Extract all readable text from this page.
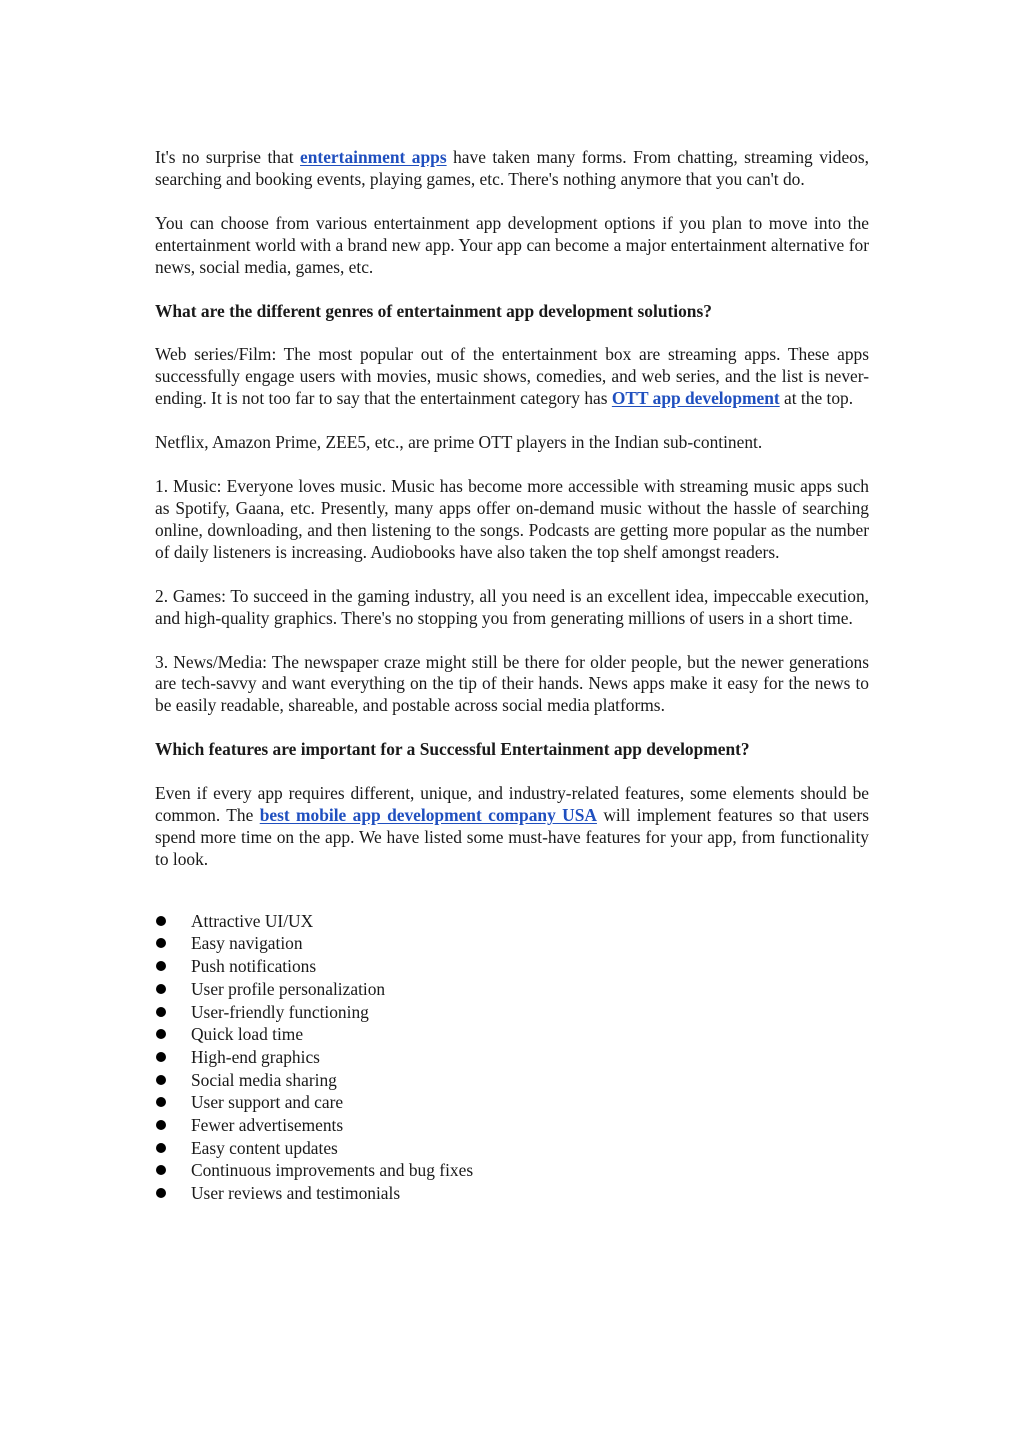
It's no surprise that entertainment apps have taken many forms. From chatting, streaming videos, searching and booking events, playing games, etc. There's nothing anymore that you can't do.

You can choose from various entertainment app development options if you plan to move into the entertainment world with a brand new app. Your app can become a major entertainment alternative for news, social media, games, etc.

What are the different genres of entertainment app development solutions?

Web series/Film: The most popular out of the entertainment box are streaming apps. These apps successfully engage users with movies, music shows, comedies, and web series, and the list is never-ending. It is not too far to say that the entertainment category has OTT app development at the top.

Netflix, Amazon Prime, ZEE5, etc., are prime OTT players in the Indian sub-continent.

1. Music: Everyone loves music. Music has become more accessible with streaming music apps such as Spotify, Gaana, etc. Presently, many apps offer on-demand music without the hassle of searching online, downloading, and then listening to the songs. Podcasts are getting more popular as the number of daily listeners is increasing. Audiobooks have also taken the top shelf amongst readers.

2. Games: To succeed in the gaming industry, all you need is an excellent idea, impeccable execution, and high-quality graphics. There's no stopping you from generating millions of users in a short time.

3. News/Media: The newspaper craze might still be there for older people, but the newer generations are tech-savvy and want everything on the tip of their hands. News apps make it easy for the news to be easily readable, shareable, and postable across social media platforms.

Which features are important for a Successful Entertainment app development?

Even if every app requires different, unique, and industry-related features, some elements should be common. The best mobile app development company USA will implement features so that users spend more time on the app. We have listed some must-have features for your app, from functionality to look.

Attractive UI/UX
Easy navigation
Push notifications
User profile personalization
User-friendly functioning
Quick load time
High-end graphics
Social media sharing
User support and care
Fewer advertisements
Easy content updates
Continuous improvements and bug fixes
User reviews and testimonials
